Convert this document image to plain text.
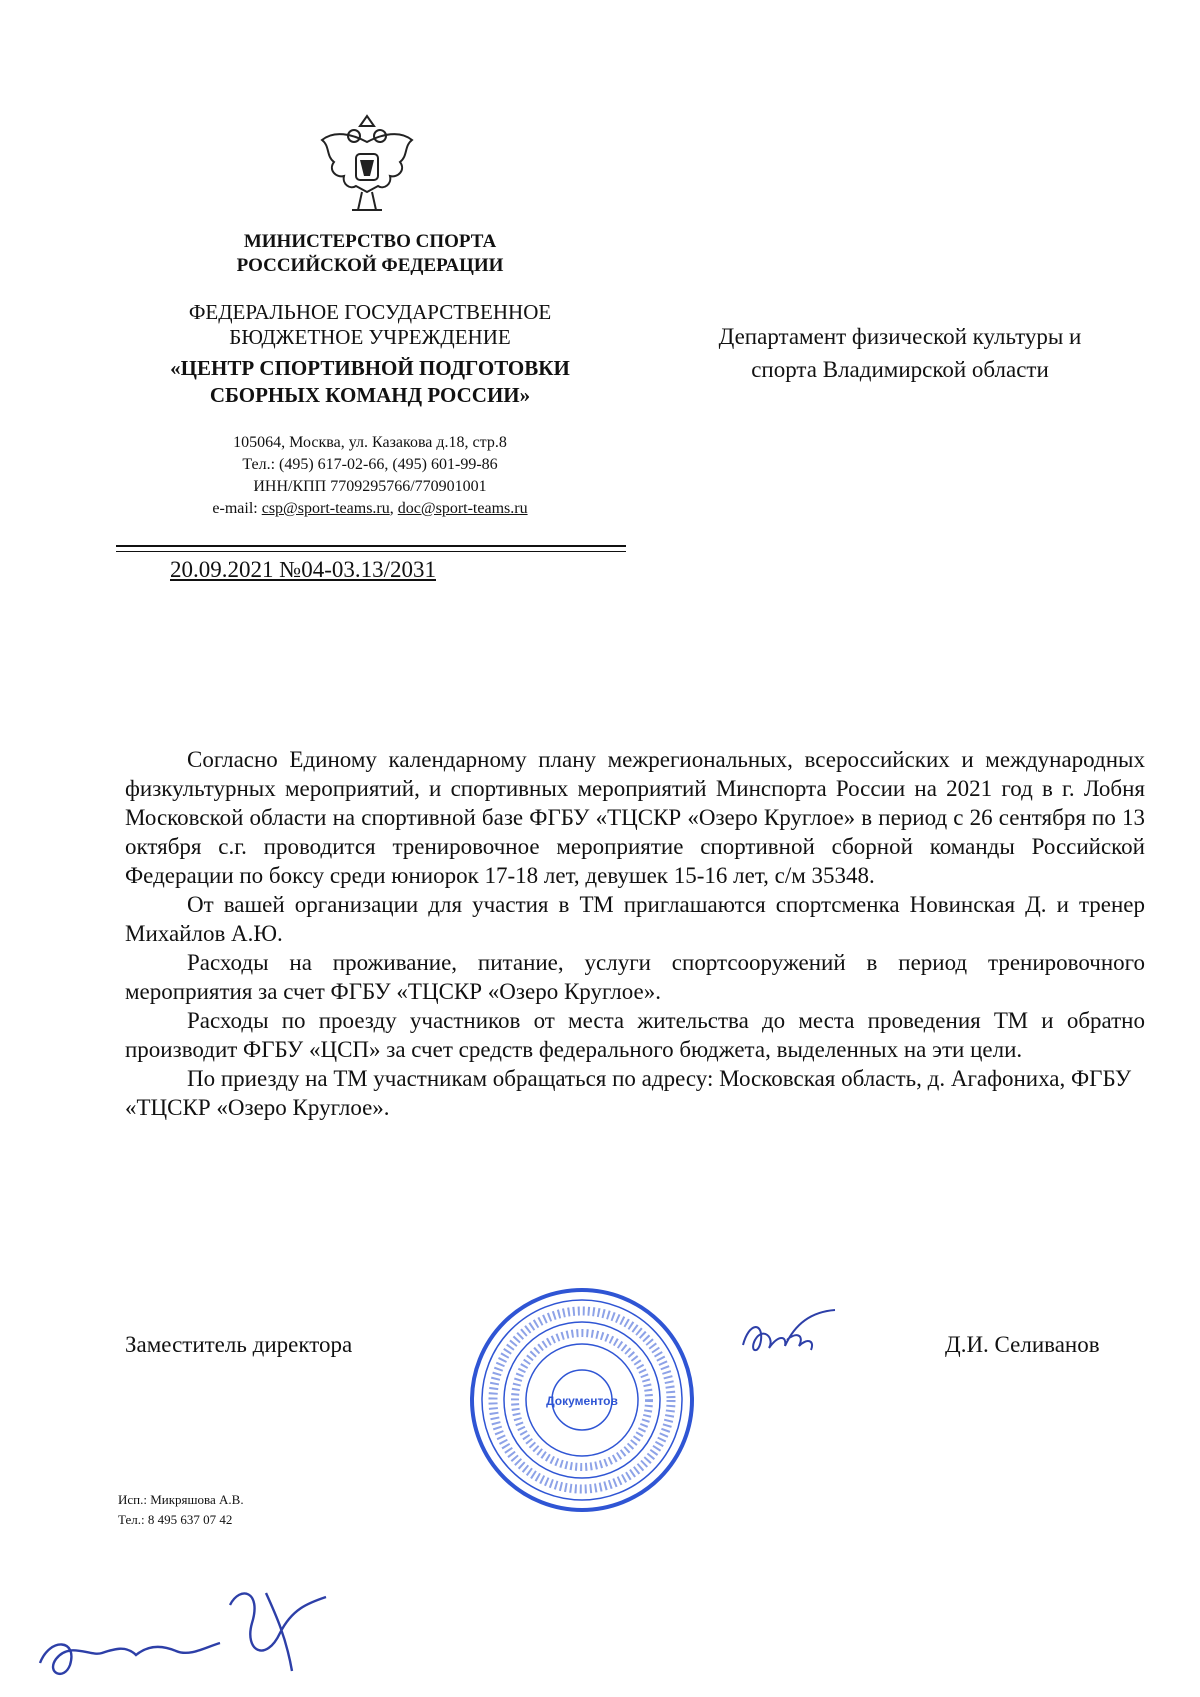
МИНИСТЕРСТВО СПОРТА
РОССИЙСКОЙ ФЕДЕРАЦИИ
ФЕДЕРАЛЬНОЕ ГОСУДАРСТВЕННОЕ
БЮДЖЕТНОЕ УЧРЕЖДЕНИЕ
«ЦЕНТР СПОРТИВНОЙ ПОДГОТОВКИ
СБОРНЫХ КОМАНД РОССИИ»
105064, Москва, ул. Казакова д.18, стр.8
Тел.: (495) 617-02-66, (495) 601-99-86
ИНН/КПП 7709295766/770901001
e-mail: csp@sport-teams.ru, doc@sport-teams.ru
20.09.2021 №04-03.13/2031
Департамент физической культуры и
спорта Владимирской области

Согласно Единому календарному плану межрегиональных, всероссийских и международных физкультурных мероприятий, и спортивных мероприятий Минспорта России на 2021 год в г. Лобня Московской области на спортивной базе ФГБУ «ТЦСКР «Озеро Круглое» в период с 26 сентября по 13 октября с.г. проводится тренировочное мероприятие спортивной сборной команды Российской Федерации по боксу среди юниорок 17-18 лет, девушек 15-16 лет, с/м 35348.

От вашей организации для участия в ТМ приглашаются спортсменка Новинская Д. и тренер Михайлов А.Ю.

Расходы на проживание, питание, услуги спортсооружений в период тренировочного мероприятия за счет ФГБУ «ТЦСКР «Озеро Круглое».

Расходы по проезду участников от места жительства до места проведения ТМ и обратно производит ФГБУ «ЦСП» за счет средств федерального бюджета, выделенных на эти цели.

По приезду на ТМ участникам обращаться по адресу: Московская область, д. Агафониха, ФГБУ «ТЦСКР «Озеро Круглое».

Заместитель директора
Документов
Д.И. Селиванов
Исп.: Микряшова А.В.
Тел.: 8 495 637 07 42
